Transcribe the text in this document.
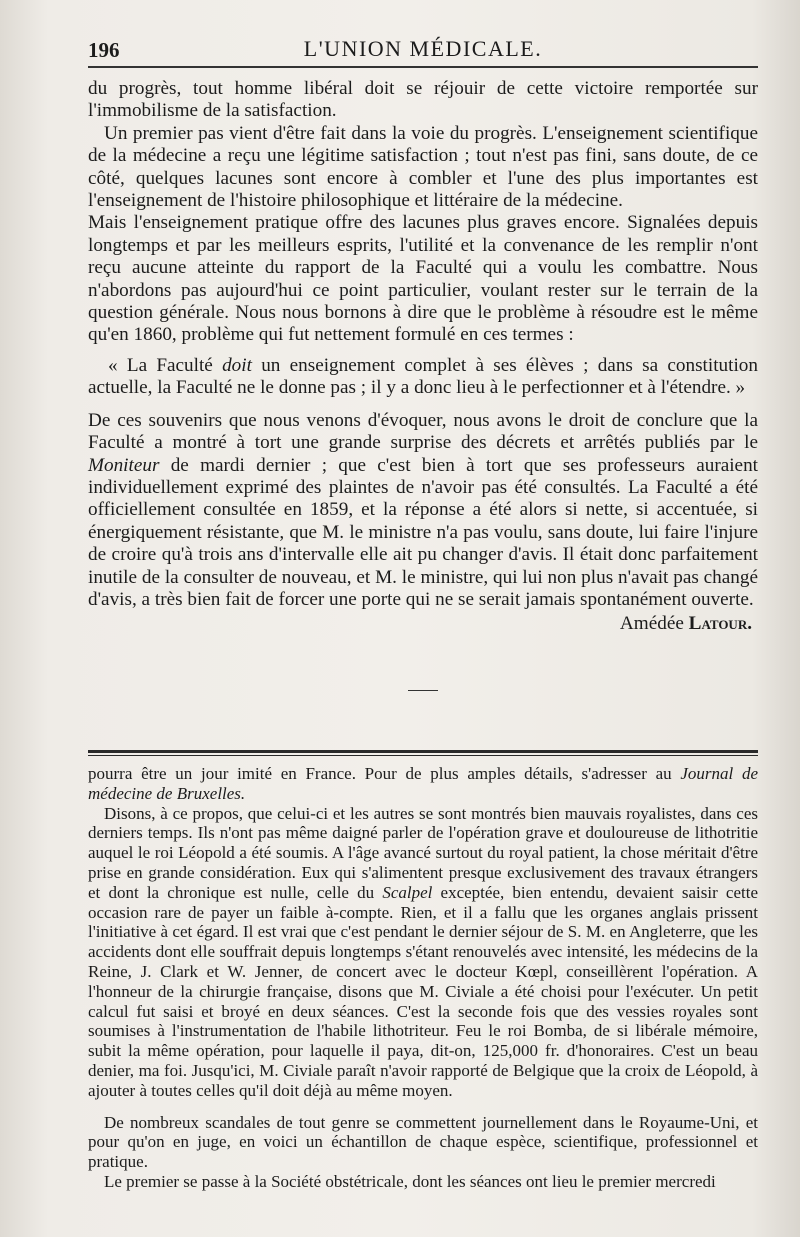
196	L'UNION MÉDICALE.

du progrès, tout homme libéral doit se réjouir de cette victoire remportée sur l'immobilisme de la satisfaction.

Un premier pas vient d'être fait dans la voie du progrès. L'enseignement scientifique de la médecine a reçu une légitime satisfaction ; tout n'est pas fini, sans doute, de ce côté, quelques lacunes sont encore à combler et l'une des plus importantes est l'enseignement de l'histoire philosophique et littéraire de la médecine.

Mais l'enseignement pratique offre des lacunes plus graves encore. Signalées depuis longtemps et par les meilleurs esprits, l'utilité et la convenance de les remplir n'ont reçu aucune atteinte du rapport de la Faculté qui a voulu les combattre. Nous n'abordons pas aujourd'hui ce point particulier, voulant rester sur le terrain de la question générale. Nous nous bornons à dire que le problème à résoudre est le même qu'en 1860, problème qui fut nettement formulé en ces termes :

« La Faculté doit un enseignement complet à ses élèves ; dans sa constitution actuelle, la Faculté ne le donne pas ; il y a donc lieu à le perfectionner et à l'étendre. »

De ces souvenirs que nous venons d'évoquer, nous avons le droit de conclure que la Faculté a montré à tort une grande surprise des décrets et arrêtés publiés par le Moniteur de mardi dernier ; que c'est bien à tort que ses professeurs auraient individuellement exprimé des plaintes de n'avoir pas été consultés. La Faculté a été officiellement consultée en 1859, et la réponse a été alors si nette, si accentuée, si énergiquement résistante, que M. le ministre n'a pas voulu, sans doute, lui faire l'injure de croire qu'à trois ans d'intervalle elle ait pu changer d'avis. Il était donc parfaitement inutile de la consulter de nouveau, et M. le ministre, qui lui non plus n'avait pas changé d'avis, a très bien fait de forcer une porte qui ne se serait jamais spontanément ouverte.

Amédée Latour.

pourra être un jour imité en France. Pour de plus amples détails, s'adresser au Journal de médecine de Bruxelles.

Disons, à ce propos, que celui-ci et les autres se sont montrés bien mauvais royalistes, dans ces derniers temps. Ils n'ont pas même daigné parler de l'opération grave et douloureuse de lithotritie auquel le roi Léopold a été soumis. A l'âge avancé surtout du royal patient, la chose méritait d'être prise en grande considération. Eux qui s'alimentent presque exclusivement des travaux étrangers et dont la chronique est nulle, celle du Scalpel exceptée, bien entendu, devaient saisir cette occasion rare de payer un faible à-compte. Rien, et il a fallu que les organes anglais prissent l'initiative à cet égard. Il est vrai que c'est pendant le dernier séjour de S. M. en Angleterre, que les accidents dont elle souffrait depuis longtemps s'étant renouvelés avec intensité, les médecins de la Reine, J. Clark et W. Jenner, de concert avec le docteur Kœpl, conseillèrent l'opération. A l'honneur de la chirurgie française, disons que M. Civiale a été choisi pour l'exécuter. Un petit calcul fut saisi et broyé en deux séances. C'est la seconde fois que des vessies royales sont soumises à l'instrumentation de l'habile lithotriteur. Feu le roi Bomba, de si libérale mémoire, subit la même opération, pour laquelle il paya, dit-on, 125,000 fr. d'honoraires. C'est un beau denier, ma foi. Jusqu'ici, M. Civiale paraît n'avoir rapporté de Belgique que la croix de Léopold, à ajouter à toutes celles qu'il doit déjà au même moyen.

De nombreux scandales de tout genre se commettent journellement dans le Royaume-Uni, et pour qu'on en juge, en voici un échantillon de chaque espèce, scientifique, professionnel et pratique.

Le premier se passe à la Société obstétricale, dont les séances ont lieu le premier mercredi
